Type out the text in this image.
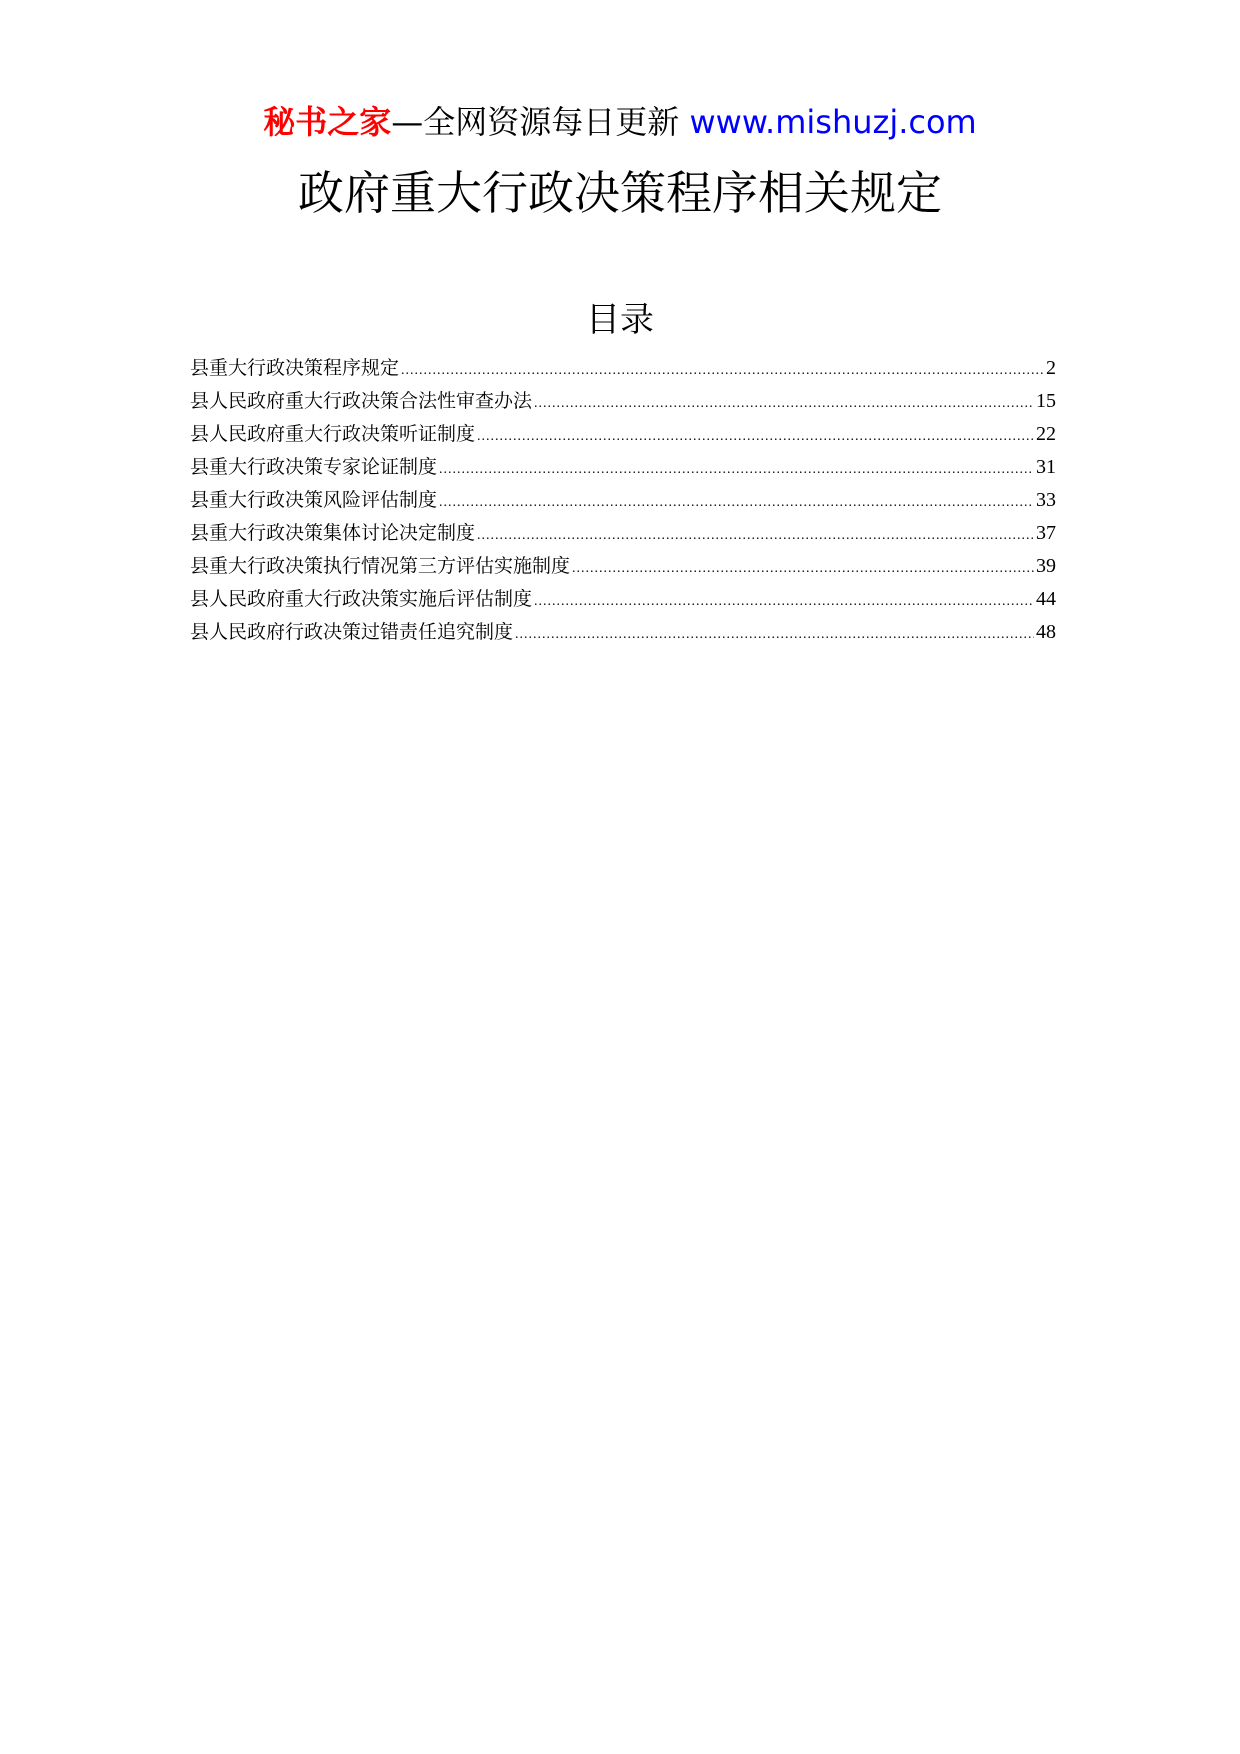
秘书之家—全网资源每日更新 www.mishuzj.com
政府重大行政决策程序相关规定
目录
县重大行政决策程序规定 .....	2
县人民政府重大行政决策合法性审查办法 .....	15
县人民政府重大行政决策听证制度 .....	22
县重大行政决策专家论证制度 .....	31
县重大行政决策风险评估制度 .....	33
县重大行政决策集体讨论决定制度 .....	37
县重大行政决策执行情况第三方评估实施制度 .....	39
县人民政府重大行政决策实施后评估制度 .....	44
县人民政府行政决策过错责任追究制度 .....	48
